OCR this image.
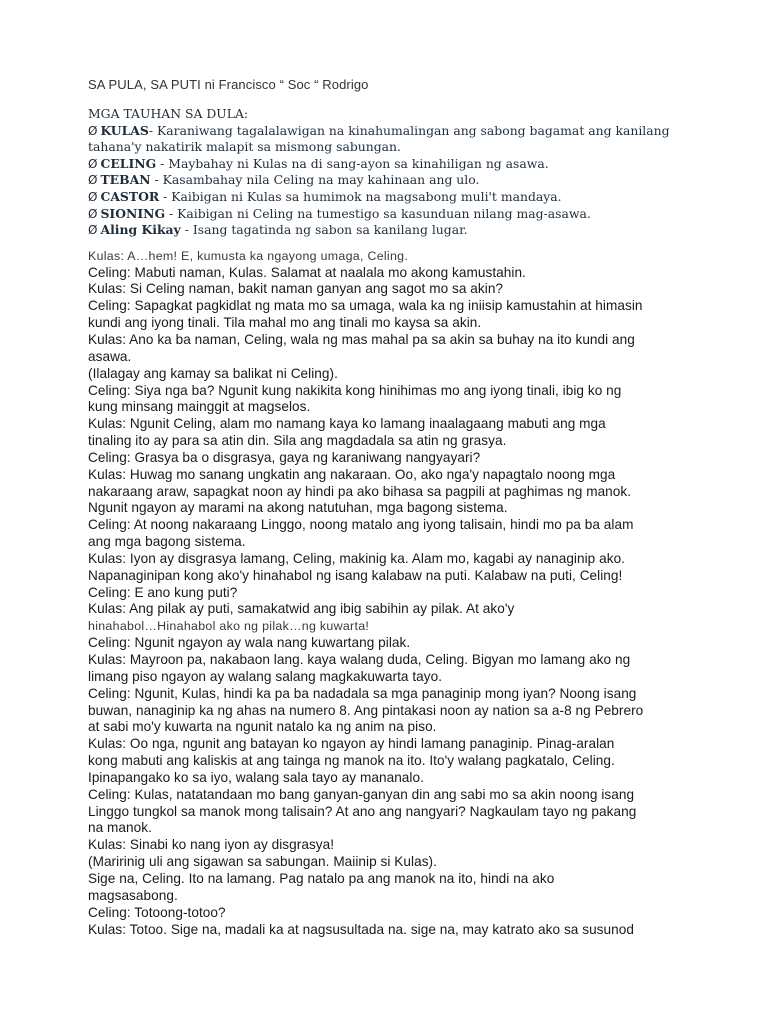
SA PULA, SA PUTI ni Francisco “ Soc “ Rodrigo
MGA TAUHAN SA DULA:
Ø KULAS- Karaniwang tagalalawigan na kinahumalingan ang sabong bagamat ang kanilang tahana'y nakatirik malapit sa mismong sabungan.
Ø CELING - Maybahay ni Kulas na di sang-ayon sa kinahiligan ng asawa.
Ø TEBAN - Kasambahay nila Celing na may kahinaan ang ulo.
Ø CASTOR - Kaibigan ni Kulas sa humimok na magsabong muli't mandaya.
Ø SIONING - Kaibigan ni Celing na tumestigo sa kasunduan nilang mag-asawa.
Ø Aling Kikay - Isang tagatinda ng sabon sa kanilang lugar.
Kulas: A…hem! E, kumusta ka ngayong umaga, Celing.
Celing: Mabuti naman, Kulas. Salamat at naalala mo akong kamustahin.
Kulas: Si Celing naman, bakit naman ganyan ang sagot mo sa akin?
Celing: Sapagkat pagkidlat ng mata mo sa umaga, wala ka ng iniisip kamustahin at himasin
kundi ang iyong tinali. Tila mahal mo ang tinali mo kaysa sa akin.
Kulas: Ano ka ba naman, Celing, wala ng mas mahal pa sa akin sa buhay na ito kundi ang
asawa.
(Ilalagay ang kamay sa balikat ni Celing).
Celing: Siya nga ba? Ngunit kung nakikita kong hinihimas mo ang iyong tinali, ibig ko ng
kung minsang mainggit at magselos.
Kulas: Ngunit Celing, alam mo namang kaya ko lamang inaalagaang mabuti ang mga
tinaling ito ay para sa atin din. Sila ang magdadala sa atin ng grasya.
Celing: Grasya ba o disgrasya, gaya ng karaniwang nangyayari?
Kulas: Huwag mo sanang ungkatin ang nakaraan. Oo, ako nga'y napagtalo noong mga
nakaraang araw, sapagkat noon ay hindi pa ako bihasa sa pagpili at paghimas ng manok.
Ngunit ngayon ay marami na akong natutuhan, mga bagong sistema.
Celing: At noong nakaraang Linggo, noong matalo ang iyong talisain, hindi mo pa ba alam
ang mga bagong sistema.
Kulas: Iyon ay disgrasya lamang, Celing, makinig ka. Alam mo, kagabi ay nanaginip ako.
Napanaginipan kong ako'y hinahabol ng isang kalabaw na puti. Kalabaw na puti, Celing!
Celing: E ano kung puti?
Kulas: Ang pilak ay puti, samakatwid ang ibig sabihin ay pilak. At ako'y
hinahabol…Hinahabol ako ng pilak…ng kuwarta!
Celing: Ngunit ngayon ay wala nang kuwartang pilak.
Kulas: Mayroon pa, nakabaon lang. kaya walang duda, Celing. Bigyan mo lamang ako ng
limang piso ngayon ay walang salang magkakuwarta tayo.
Celing: Ngunit, Kulas, hindi ka pa ba nadadala sa mga panaginip mong iyan? Noong isang
buwan, nanaginip ka ng ahas na numero 8. Ang pintakasi noon ay nation sa a-8 ng Pebrero
at sabi mo'y kuwarta na ngunit natalo ka ng anim na piso.
Kulas: Oo nga, ngunit ang batayan ko ngayon ay hindi lamang panaginip. Pinag-aralan
kong mabuti ang kaliskis at ang taingа ng manok na ito. Ito'y walang pagkatalo, Celing.
Ipinapangako ko sa iyo, walang sala tayo ay mananalo.
Celing: Kulas, natatandaan mo bang ganyan-ganyan din ang sabi mo sa akin noong isang
Linggo tungkol sa manok mong talisain? At ano ang nangyari? Nagkaulam tayo ng pakang
na manok.
Kulas: Sinabi ko nang iyon ay disgrasya!
(Maririnig uli ang sigawan sa sabungan. Maiinip si Kulas).
Sige na, Celing. Ito na lamang. Pag natalo pa ang manok na ito, hindi na ako
magsasabong.
Celing: Totoong-totoo?
Kulas: Totoo. Sige na, madali ka at nagsusultada na. sige na, may katrato ako sa susunod
